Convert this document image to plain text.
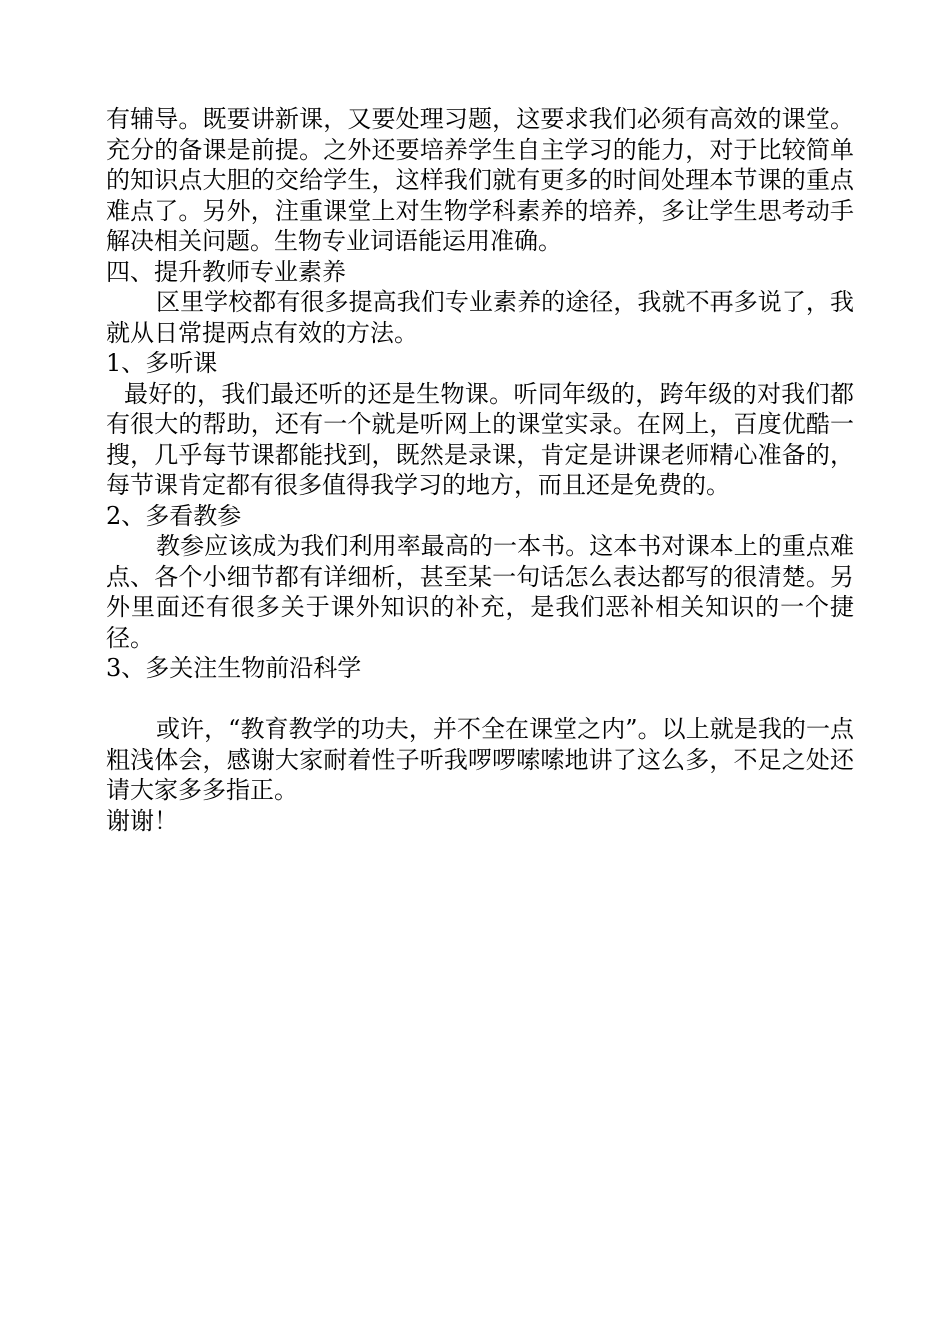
有辅导。既要讲新课，又要处理习题，这要求我们必须有高效的课堂。充分的备课是前提。之外还要培养学生自主学习的能力，对于比较简单的知识点大胆的交给学生，这样我们就有更多的时间处理本节课的重点难点了。另外，注重课堂上对生物学科素养的培养，多让学生思考动手解决相关问题。生物专业词语能运用准确。

四、提升教师专业素养

区里学校都有很多提高我们专业素养的途径，我就不再多说了，我就从日常提两点有效的方法。

1、多听课

最好的，我们最还听的还是生物课。听同年级的，跨年级的对我们都有很大的帮助，还有一个就是听网上的课堂实录。在网上，百度优酷一搜，几乎每节课都能找到，既然是录课，肯定是讲课老师精心准备的，每节课肯定都有很多值得我学习的地方，而且还是免费的。

2、多看教参

教参应该成为我们利用率最高的一本书。这本书对课本上的重点难点、各个小细节都有详细析，甚至某一句话怎么表达都写的很清楚。另外里面还有很多关于课外知识的补充，是我们恶补相关知识的一个捷径。

3、多关注生物前沿科学

或许，“教育教学的功夫，并不全在课堂之内”。以上就是我的一点粗浅体会，感谢大家耐着性子听我啰啰嗦嗦地讲了这么多，不足之处还请大家多多指正。

谢谢！
